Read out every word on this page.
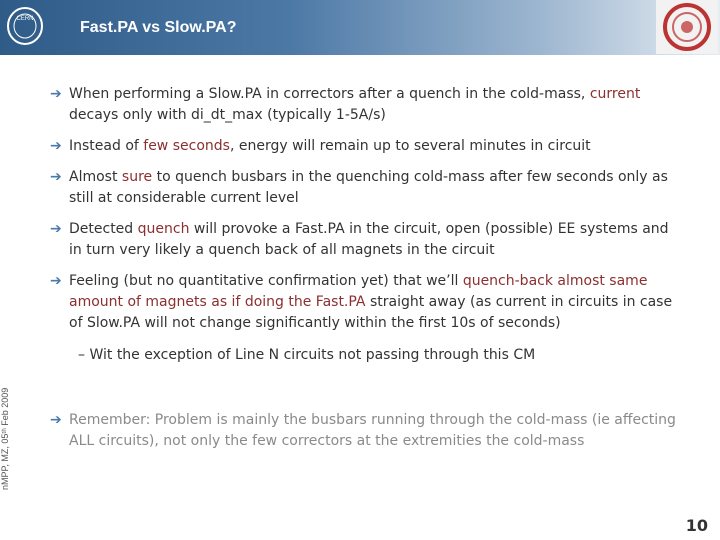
CERN	Fast.PA vs Slow.PA?
➔ When performing a Slow.PA in correctors after a quench in the cold-mass, current decays only with di_dt_max (typically 1-5A/s)
➔ Instead of few seconds, energy will remain up to several minutes in circuit
➔ Almost sure to quench busbars in the quenching cold-mass after few seconds only as still at considerable current level
➔ Detected quench will provoke a Fast.PA in the circuit, open (possible) EE systems and in turn very likely a quench back of all magnets in the circuit
➔ Feeling (but no quantitative confirmation yet) that we’ll quench-back almost same amount of magnets as if doing the Fast.PA straight away (as current in circuits in case of Slow.PA will not change significantly within the first 10s of seconds)
– Wit the exception of Line N circuits not passing through this CM
➔ Remember: Problem is mainly the busbars running through the cold-mass (ie affecting ALL circuits), not only the few correctors at the extremities the cold-mass
nMPP, MZ, 05ᵗʰ Feb 2009
10
